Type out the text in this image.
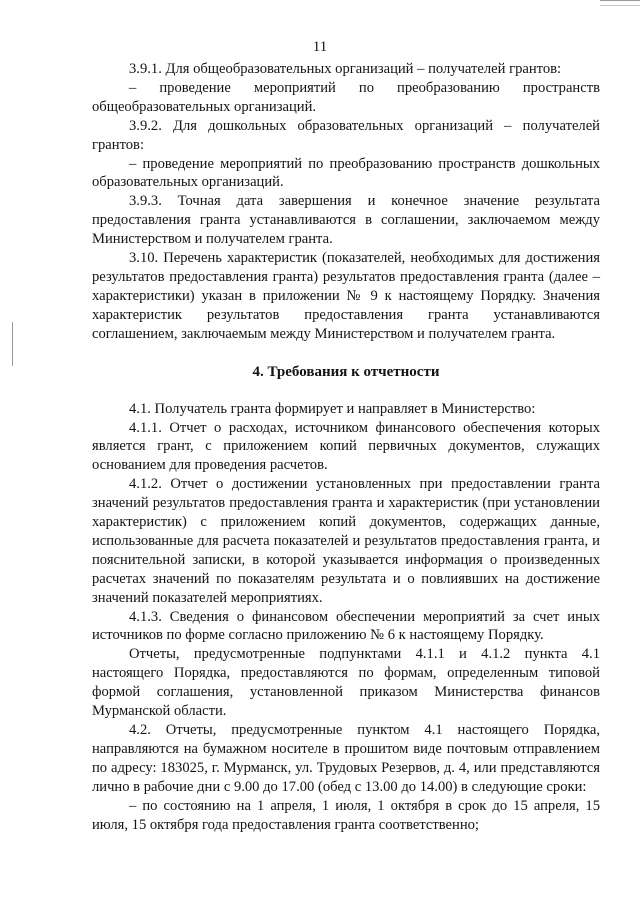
11

3.9.1. Для общеобразовательных организаций – получателей грантов:

– проведение мероприятий по преобразованию пространств общеобразовательных организаций.

3.9.2. Для дошкольных образовательных организаций – получателей грантов:

– проведение мероприятий по преобразованию пространств дошкольных образовательных организаций.

3.9.3. Точная дата завершения и конечное значение результата предоставления гранта устанавливаются в соглашении, заключаемом между Министерством и получателем гранта.

3.10. Перечень характеристик (показателей, необходимых для достижения результатов предоставления гранта) результатов предоставления гранта (далее – характеристики) указан в приложении № 9 к настоящему Порядку. Значения характеристик результатов предоставления гранта устанавливаются соглашением, заключаемым между Министерством и получателем гранта.

4. Требования к отчетности

4.1. Получатель гранта формирует и направляет в Министерство:

4.1.1. Отчет о расходах, источником финансового обеспечения которых является грант, с приложением копий первичных документов, служащих основанием для проведения расчетов.

4.1.2. Отчет о достижении установленных при предоставлении гранта значений результатов предоставления гранта и характеристик (при установлении характеристик) с приложением копий документов, содержащих данные, использованные для расчета показателей и результатов предоставления гранта, и пояснительной записки, в которой указывается информация о произведенных расчетах значений по показателям результата и о повлиявших на достижение значений показателей мероприятиях.

4.1.3. Сведения о финансовом обеспечении мероприятий за счет иных источников по форме согласно приложению № 6 к настоящему Порядку.

Отчеты, предусмотренные подпунктами 4.1.1 и 4.1.2 пункта 4.1 настоящего Порядка, предоставляются по формам, определенным типовой формой соглашения, установленной приказом Министерства финансов Мурманской области.

4.2. Отчеты, предусмотренные пунктом 4.1 настоящего Порядка, направляются на бумажном носителе в прошитом виде почтовым отправлением по адресу: 183025, г. Мурманск, ул. Трудовых Резервов, д. 4, или представляются лично в рабочие дни с 9.00 до 17.00 (обед с 13.00 до 14.00) в следующие сроки:

– по состоянию на 1 апреля, 1 июля, 1 октября в срок до 15 апреля, 15 июля, 15 октября года предоставления гранта соответственно;
